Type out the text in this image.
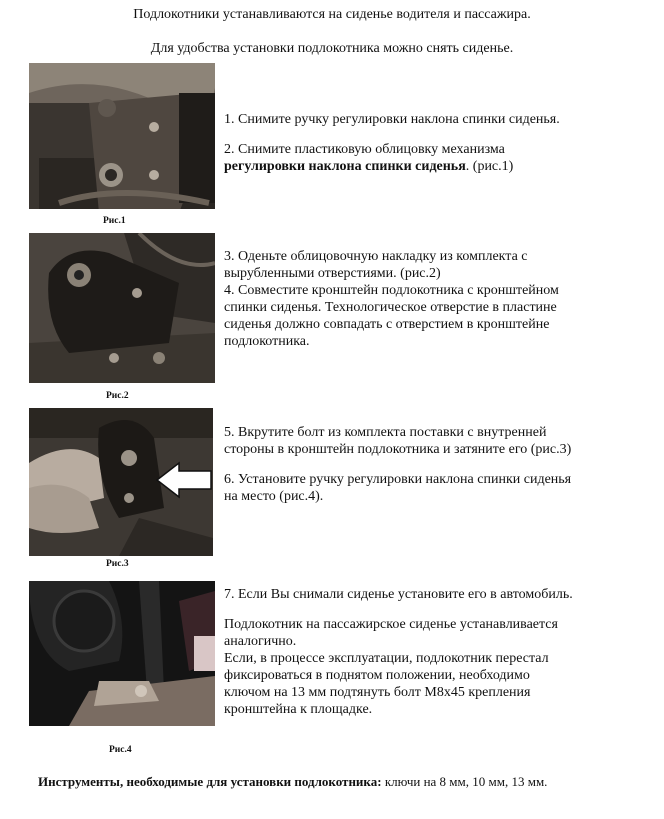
Подлокотники устанавливаются на сиденье водителя и пассажира.
Для удобства установки подлокотника можно снять сиденье.
Рис.1

1. Снимите ручку регулировки наклона спинки сиденья.

2. Снимите пластиковую облицовку механизма

регулировки наклона спинки сиденья. (рис.1)

Рис.2

3. Оденьте облицовочную накладку из комплекта с

вырубленными отверстиями. (рис.2)

4. Совместите кронштейн подлокотника с кронштейном

спинки сиденья. Технологическое отверстие в пластине

сиденья должно совпадать с отверстием в кронштейне

подлокотника.

Рис.3

5. Вкрутите болт из комплекта поставки с внутренней

стороны в кронштейн подлокотника и затяните его (рис.3)

6. Установите ручку регулировки наклона спинки сиденья

на место (рис.4).

Рис.4

7. Если Вы снимали сиденье установите его в автомобиль.

Подлокотник на пассажирское сиденье устанавливается

аналогично.

Если, в процессе эксплуатации, подлокотник перестал

фиксироваться в поднятом положении, необходимо

ключом на 13 мм подтянуть болт М8х45 крепления

кронштейна к площадке.

Инструменты, необходимые для установки подлокотника: ключи на 8 мм, 10 мм, 13 мм.
